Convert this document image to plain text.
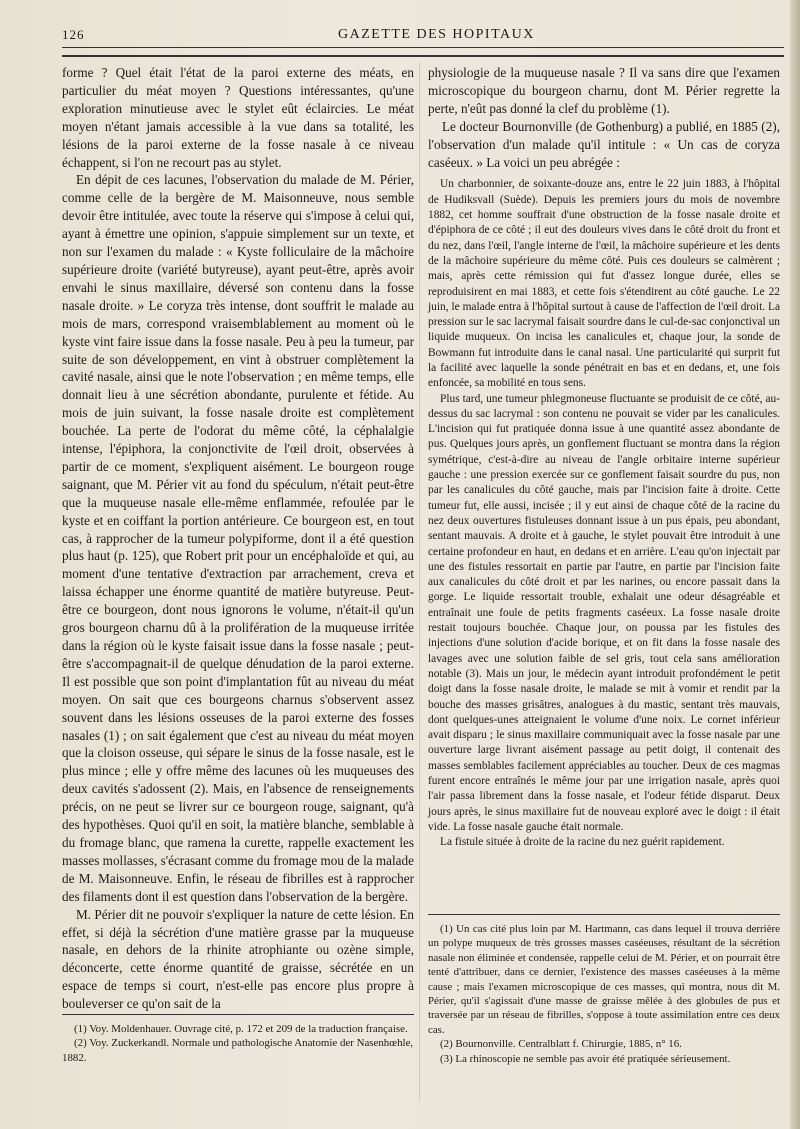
126	GAZETTE DES HOPITAUX

forme ? Quel était l'état de la paroi externe des méats, en particulier du méat moyen ? Questions intéressantes, qu'une exploration minutieuse avec le stylet eût éclaircies. Le méat moyen n'étant jamais accessible à la vue dans sa totalité, les lésions de la paroi externe de la fosse nasale à ce niveau échappent, si l'on ne recourt pas au stylet.

En dépit de ces lacunes, l'observation du malade de M. Périer, comme celle de la bergère de M. Maisonneuve, nous semble devoir être intitulée, avec toute la réserve qui s'impose à celui qui, ayant à émettre une opinion, s'appuie simplement sur un texte, et non sur l'examen du malade : « Kyste folliculaire de la mâchoire supérieure droite (variété butyreuse), ayant peut-être, après avoir envahi le sinus maxillaire, déversé son contenu dans la fosse nasale droite. » Le coryza très intense, dont souffrit le malade au mois de mars, correspond vraisemblablement au moment où le kyste vint faire issue dans la fosse nasale. Peu à peu la tumeur, par suite de son développement, en vint à obstruer complètement la cavité nasale, ainsi que le note l'observation ; en même temps, elle donnait lieu à une sécrétion abondante, purulente et fétide. Au mois de juin suivant, la fosse nasale droite est complètement bouchée. La perte de l'odorat du même côté, la céphalalgie intense, l'épiphora, la conjonctivite de l'œil droit, observées à partir de ce moment, s'expliquent aisément. Le bourgeon rouge saignant, que M. Périer vit au fond du spéculum, n'était peut-être que la muqueuse nasale elle-même enflammée, refoulée par le kyste et en coiffant la portion antérieure. Ce bourgeon est, en tout cas, à rapprocher de la tumeur polypiforme, dont il a été question plus haut (p. 125), que Robert prit pour un encéphaloïde et qui, au moment d'une tentative d'extraction par arrachement, creva et laissa échapper une énorme quantité de matière butyreuse. Peut-être ce bourgeon, dont nous ignorons le volume, n'était-il qu'un gros bourgeon charnu dû à la prolifération de la muqueuse irritée dans la région où le kyste faisait issue dans la fosse nasale ; peut-être s'accompagnait-il de quelque dénudation de la paroi externe. Il est possible que son point d'implantation fût au niveau du méat moyen. On sait que ces bourgeons charnus s'observent assez souvent dans les lésions osseuses de la paroi externe des fosses nasales (1) ; on sait également que c'est au niveau du méat moyen que la cloison osseuse, qui sépare le sinus de la fosse nasale, est le plus mince ; elle y offre même des lacunes où les muqueuses des deux cavités s'adossent (2). Mais, en l'absence de renseignements précis, on ne peut se livrer sur ce bourgeon rouge, saignant, qu'à des hypothèses. Quoi qu'il en soit, la matière blanche, semblable à du fromage blanc, que ramena la curette, rappelle exactement les masses mollasses, s'écrasant comme du fromage mou de la malade de M. Maisonneuve. Enfin, le réseau de fibrilles est à rapprocher des filaments dont il est question dans l'observation de la bergère.

M. Périer dit ne pouvoir s'expliquer la nature de cette lésion. En effet, si déjà la sécrétion d'une matière grasse par la muqueuse nasale, en dehors de la rhinite atrophiante ou ozène simple, déconcerte, cette énorme quantité de graisse, sécrétée en un espace de temps si court, n'est-elle pas encore plus propre à bouleverser ce qu'on sait de la

(1) Voy. Moldenhauer. Ouvrage cité, p. 172 et 209 de la traduction française.

(2) Voy. Zuckerkandl. Normale und pathologische Anatomie der Nasenhœhle, 1882.

physiologie de la muqueuse nasale ? Il va sans dire que l'examen microscopique du bourgeon charnu, dont M. Périer regrette la perte, n'eût pas donné la clef du problème (1).

Le docteur Bournonville (de Gothenburg) a publié, en 1885 (2), l'observation d'un malade qu'il intitule : « Un cas de coryza caséeux. » La voici un peu abrégée :

Un charbonnier, de soixante-douze ans, entre le 22 juin 1883, à l'hôpital de Hudiksvall (Suède). Depuis les premiers jours du mois de novembre 1882, cet homme souffrait d'une obstruction de la fosse nasale droite et d'épiphora de ce côté ; il eut des douleurs vives dans le côté droit du front et du nez, dans l'œil, l'angle interne de l'œil, la mâchoire supérieure et les dents de la mâchoire supérieure du même côté. Puis ces douleurs se calmèrent ; mais, après cette rémission qui fut d'assez longue durée, elles se reproduisirent en mai 1883, et cette fois s'étendirent au côté gauche. Le 22 juin, le malade entra à l'hôpital surtout à cause de l'affection de l'œil droit. La pression sur le sac lacrymal faisait sourdre dans le cul-de-sac conjonctival un liquide muqueux. On incisa les canalicules et, chaque jour, la sonde de Bowmann fut introduite dans le canal nasal. Une particularité qui surprit fut la facilité avec laquelle la sonde pénétrait en bas et en dedans, et, une fois enfoncée, sa mobilité en tous sens.

Plus tard, une tumeur phlegmoneuse fluctuante se produisit de ce côté, au-dessus du sac lacrymal : son contenu ne pouvait se vider par les canalicules. L'incision qui fut pratiquée donna issue à une quantité assez abondante de pus. Quelques jours après, un gonflement fluctuant se montra dans la région symétrique, c'est-à-dire au niveau de l'angle orbitaire interne supérieur gauche : une pression exercée sur ce gonflement faisait sourdre du pus, non par les canalicules du côté gauche, mais par l'incision faite à droite. Cette tumeur fut, elle aussi, incisée ; il y eut ainsi de chaque côté de la racine du nez deux ouvertures fistuleuses donnant issue à un pus épais, peu abondant, sentant mauvais. A droite et à gauche, le stylet pouvait être introduit à une certaine profondeur en haut, en dedans et en arrière. L'eau qu'on injectait par une des fistules ressortait en partie par l'autre, en partie par l'incision faite aux canalicules du côté droit et par les narines, ou encore passait dans la gorge. Le liquide ressortait trouble, exhalait une odeur désagréable et entraînait une foule de petits fragments caséeux. La fosse nasale droite restait toujours bouchée. Chaque jour, on poussa par les fistules des injections d'une solution d'acide borique, et on fit dans la fosse nasale des lavages avec une solution faible de sel gris, tout cela sans amélioration notable (3). Mais un jour, le médecin ayant introduit profondément le petit doigt dans la fosse nasale droite, le malade se mit à vomir et rendit par la bouche des masses grisâtres, analogues à du mastic, sentant très mauvais, dont quelques-unes atteignaient le volume d'une noix. Le cornet inférieur avait disparu ; le sinus maxillaire communiquait avec la fosse nasale par une ouverture large livrant aisément passage au petit doigt, il contenait des masses semblables facilement appréciables au toucher. Deux de ces magmas furent encore entraînés le même jour par une irrigation nasale, après quoi l'air passa librement dans la fosse nasale, et l'odeur fétide disparut. Deux jours après, le sinus maxillaire fut de nouveau exploré avec le doigt : il était vide. La fosse nasale gauche était normale.

La fistule située à droite de la racine du nez guérit rapidement.

(1) Un cas cité plus loin par M. Hartmann, cas dans lequel il trouva derrière un polype muqueux de très grosses masses caséeuses, résultant de la sécrétion nasale non éliminée et condensée, rappelle celui de M. Périer, et on pourrait être tenté d'attribuer, dans ce dernier, l'existence des masses caséeuses à la même cause ; mais l'examen microscopique de ces masses, qui montra, nous dit M. Périer, qu'il s'agissait d'une masse de graisse mêlée à des globules de pus et traversée par un réseau de fibrilles, s'oppose à toute assimilation entre ces deux cas.

(2) Bournonville. Centralblatt f. Chirurgie, 1885, n° 16.

(3) La rhinoscopie ne semble pas avoir été pratiquée sérieusement.
